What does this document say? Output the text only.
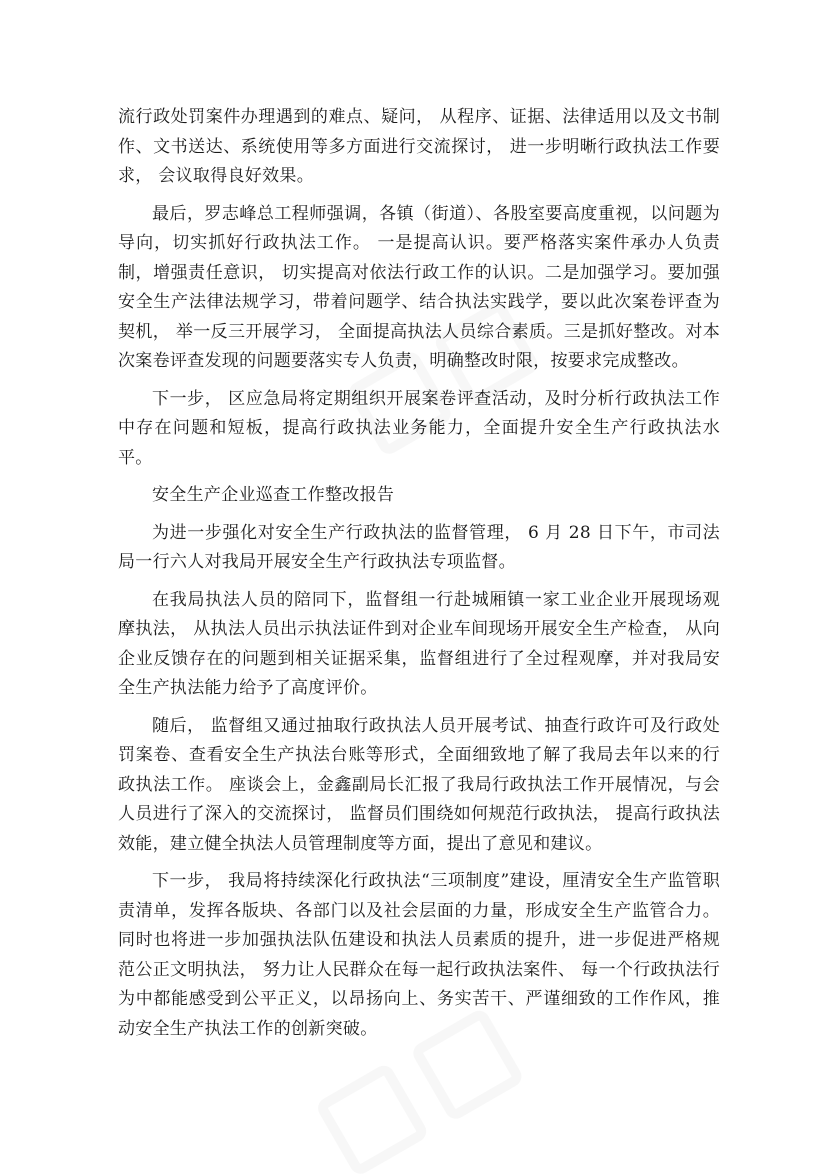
流行政处罚案件办理遇到的难点、疑问， 从程序、证据、法律适用以及文书制作、文书送达、系统使用等多方面进行交流探讨， 进一步明晰行政执法工作要求， 会议取得良好效果。

最后，罗志峰总工程师强调，各镇（街道）、各股室要高度重视，以问题为导向，切实抓好行政执法工作。 一是提高认识。要严格落实案件承办人负责制，增强责任意识， 切实提高对依法行政工作的认识。二是加强学习。要加强安全生产法律法规学习，带着问题学、结合执法实践学，要以此次案卷评查为契机， 举一反三开展学习， 全面提高执法人员综合素质。三是抓好整改。对本次案卷评查发现的问题要落实专人负责，明确整改时限，按要求完成整改。

下一步， 区应急局将定期组织开展案卷评查活动，及时分析行政执法工作中存在问题和短板，提高行政执法业务能力，全面提升安全生产行政执法水平。

安全生产企业巡查工作整改报告

为进一步强化对安全生产行政执法的监督管理， 6 月 28 日下午，市司法局一行六人对我局开展安全生产行政执法专项监督。

在我局执法人员的陪同下，监督组一行赴城厢镇一家工业企业开展现场观摩执法， 从执法人员出示执法证件到对企业车间现场开展安全生产检查， 从向企业反馈存在的问题到相关证据采集，监督组进行了全过程观摩，并对我局安全生产执法能力给予了高度评价。

随后， 监督组又通过抽取行政执法人员开展考试、抽查行政许可及行政处罚案卷、查看安全生产执法台账等形式，全面细致地了解了我局去年以来的行政执法工作。 座谈会上，金鑫副局长汇报了我局行政执法工作开展情况，与会人员进行了深入的交流探讨， 监督员们围绕如何规范行政执法， 提高行政执法效能，建立健全执法人员管理制度等方面，提出了意见和建议。

下一步， 我局将持续深化行政执法“三项制度”建设，厘清安全生产监管职责清单，发挥各版块、各部门以及社会层面的力量，形成安全生产监管合力。同时也将进一步加强执法队伍建设和执法人员素质的提升，进一步促进严格规范公正文明执法， 努力让人民群众在每一起行政执法案件、 每一个行政执法行为中都能感受到公平正义，以昂扬向上、务实苦干、严谨细致的工作作风，推动安全生产执法工作的创新突破。
